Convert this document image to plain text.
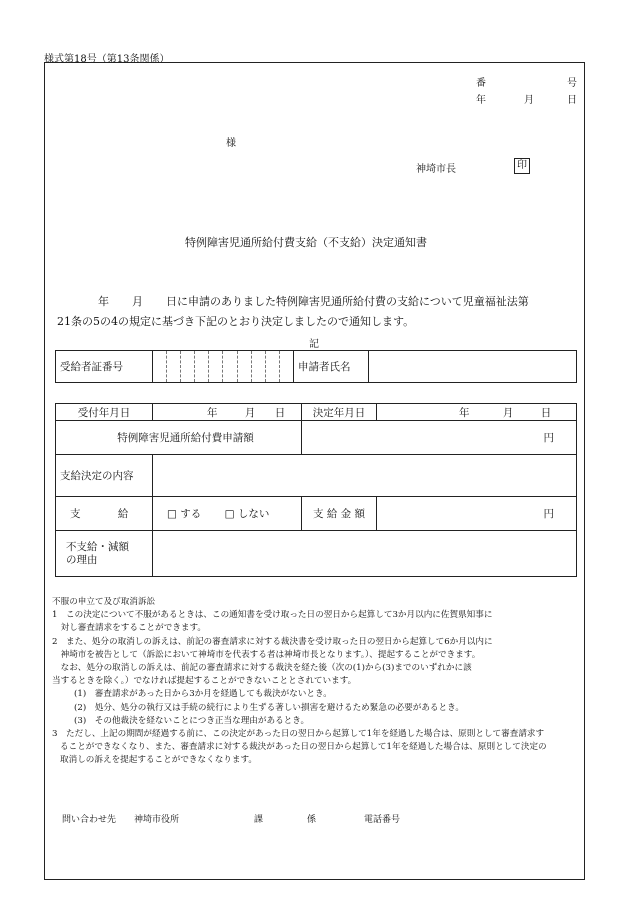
様式第18号（第13条関係）
番	号
年	月	日
様
神埼市長	印
特例障害児通所給付費支給（不支給）決定通知書
年 月 日に申請のありました特例障害児通所給付費の支給について児童福祉法第
21条の5の4の規定に基づき下記のとおり決定しましたので通知します。
記
受給者証番号		申請者氏名	
受付年月日	年 月 日	決定年月日	年 月 日
特例障害児通所給付費申請額		円	
支給決定の内容			
支 給	□ する □ しない	支 給 金 額	円

不支給・減額
の理由			

不服の申立て及び取消訴訟
1　この決定について不服があるときは、この通知書を受け取った日の翌日から起算して3か月以内に佐賀県知事に
　対し審査請求をすることができます。
2　また、処分の取消しの訴えは、前記の審査請求に対する裁決書を受け取った日の翌日から起算して6か月以内に
　神埼市を被告として（訴訟において神埼市を代表する者は神埼市長となります。）、提起することができます。
　なお、処分の取消しの訴えは、前記の審査請求に対する裁決を経た後（次の(1)から(3)までのいずれかに該
当するときを除く。）でなければ提起することができないこととされています。
(1)　審査請求があった日から3か月を経過しても裁決がないとき。
(2)　処分、処分の執行又は手続の続行により生ずる著しい損害を避けるため緊急の必要があるとき。
(3)　その他裁決を経ないことにつき正当な理由があるとき。
3　ただし、上記の期間が経過する前に、この決定があった日の翌日から起算して1年を経過した場合は、原則として審査請求す
ることができなくなり、また、審査請求に対する裁決があった日の翌日から起算して1年を経過した場合は、原則として決定の
取消しの訴えを提起することができなくなります。
問い合わせ先 神埼市役所	課	係	電話番号
